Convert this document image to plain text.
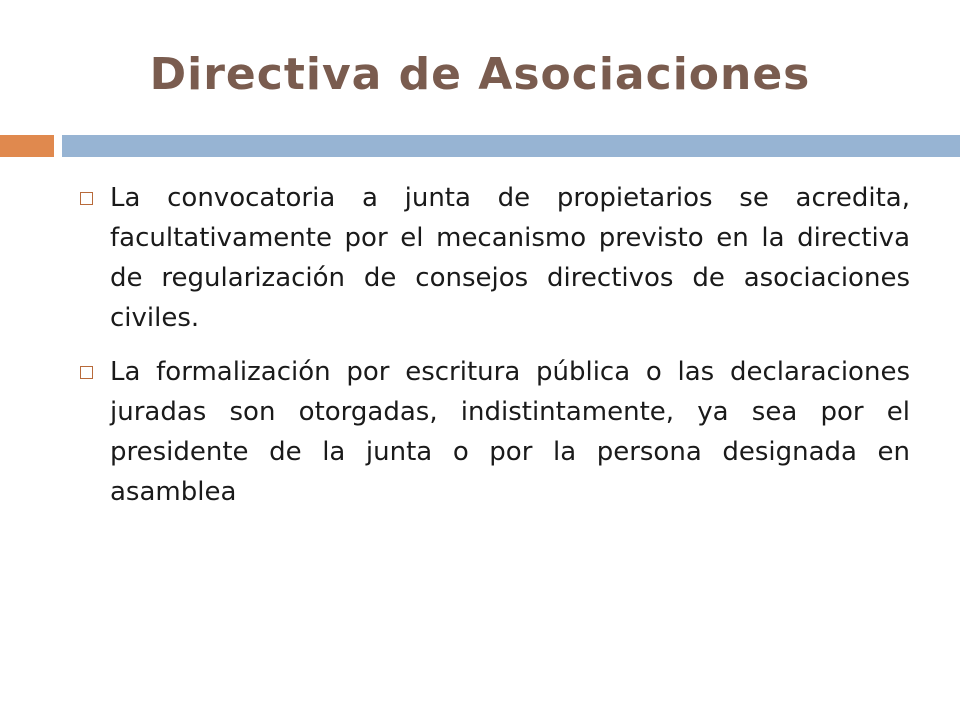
Directiva de Asociaciones
La convocatoria a junta de propietarios se acredita, facultativamente por el mecanismo previsto en la directiva de regularización de consejos directivos de asociaciones civiles.
La formalización por escritura pública o las declaraciones juradas son otorgadas, indistintamente, ya sea por el presidente de la junta o por la persona designada en asamblea
